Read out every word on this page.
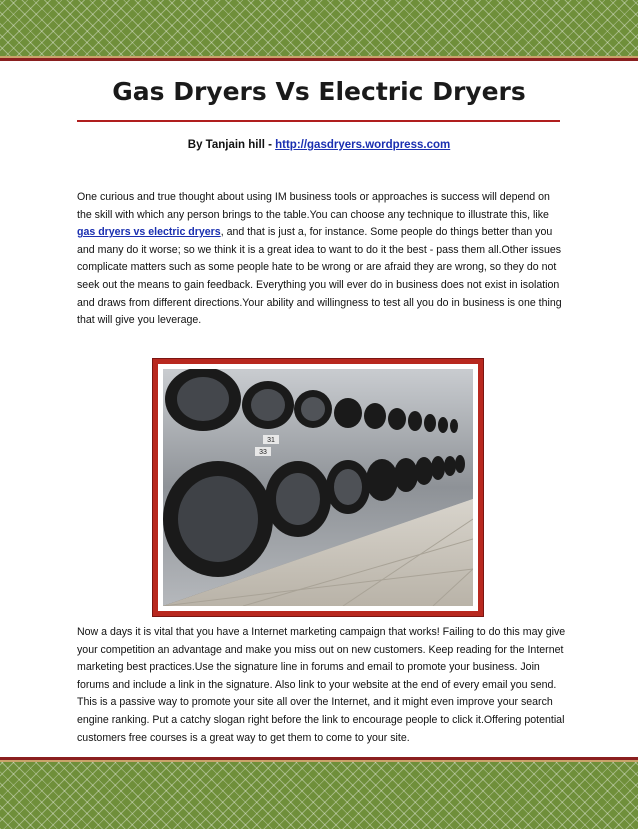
Gas Dryers Vs Electric Dryers
By Tanjain hill - http://gasdryers.wordpress.com
One curious and true thought about using IM business tools or approaches is success will depend on the skill with which any person brings to the table.You can choose any technique to illustrate this, like gas dryers vs electric dryers, and that is just a, for instance. Some people do things better than you and many do it worse; so we think it is a great idea to want to do it the best - pass them all.Other issues complicate matters such as some people hate to be wrong or are afraid they are wrong, so they do not seek out the means to gain feedback. Everything you will ever do in business does not exist in isolation and draws from different directions.Your ability and willingness to test all you do in business is one thing that will give you leverage.
31
33
Now a days it is vital that you have a Internet marketing campaign that works! Failing to do this may give your competition an advantage and make you miss out on new customers. Keep reading for the Internet marketing best practices.Use the signature line in forums and email to promote your business. Join forums and include a link in the signature. Also link to your website at the end of every email you send. This is a passive way to promote your site all over the Internet, and it might even improve your search engine ranking. Put a catchy slogan right before the link to encourage people to click it.Offering potential customers free courses is a great way to get them to come to your site.
